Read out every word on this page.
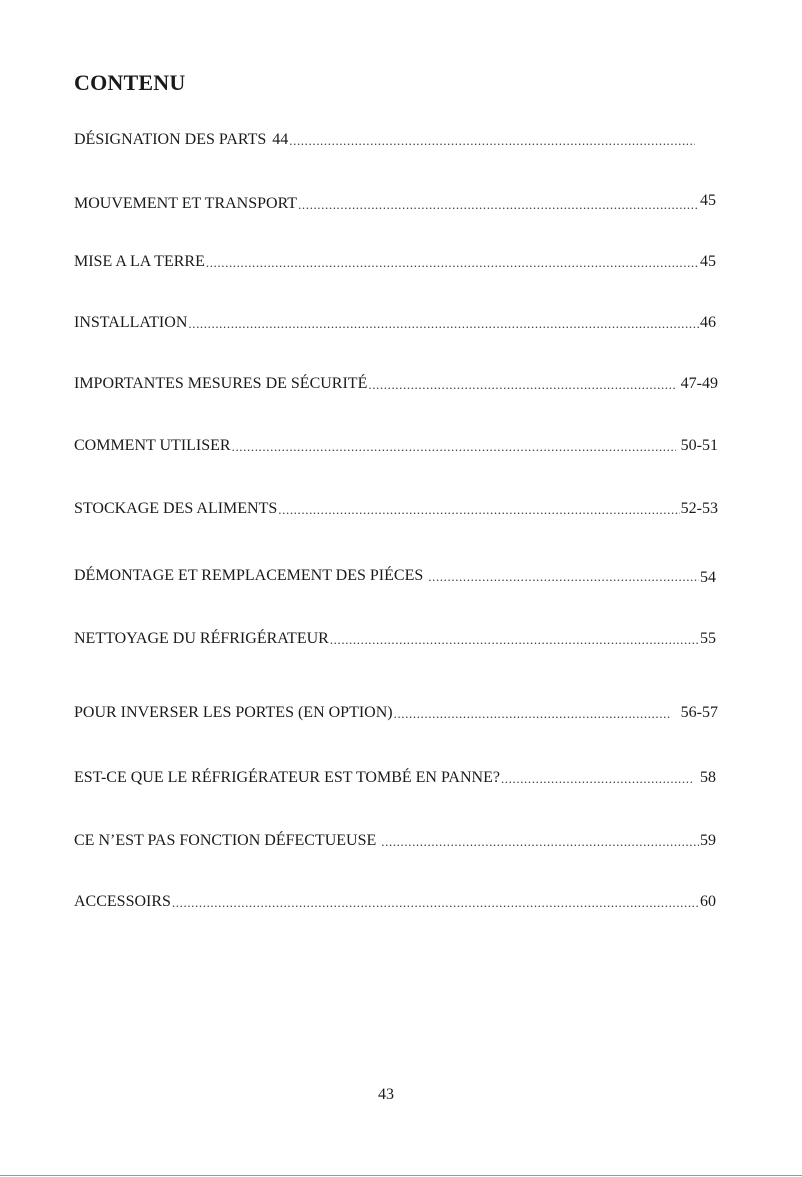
CONTENU
DÉSIGNATION DES PARTS 44
.....
MOUVEMENT ET TRANSPORT .....	45
MISE A LA TERRE .....	45
INSTALLATION .....	46
IMPORTANTES MESURES DE SÉCURITÉ .....	47-49
COMMENT UTILISER .....	50-51
STOCKAGE DES ALIMENTS .....	52-53
DÉMONTAGE ET REMPLACEMENT DES PIÉCES .....	54
NETTOYAGE DU RÉFRIGÉRATEUR .....	55
POUR INVERSER LES PORTES (EN OPTION) .....	56-57
EST-CE QUE LE RÉFRIGÉRATEUR EST TOMBÉ EN PANNE? .....	58
CE N’EST PAS FONCTION DÉFECTUEUSE .....	59
ACCESSOIRS .....	60
43
